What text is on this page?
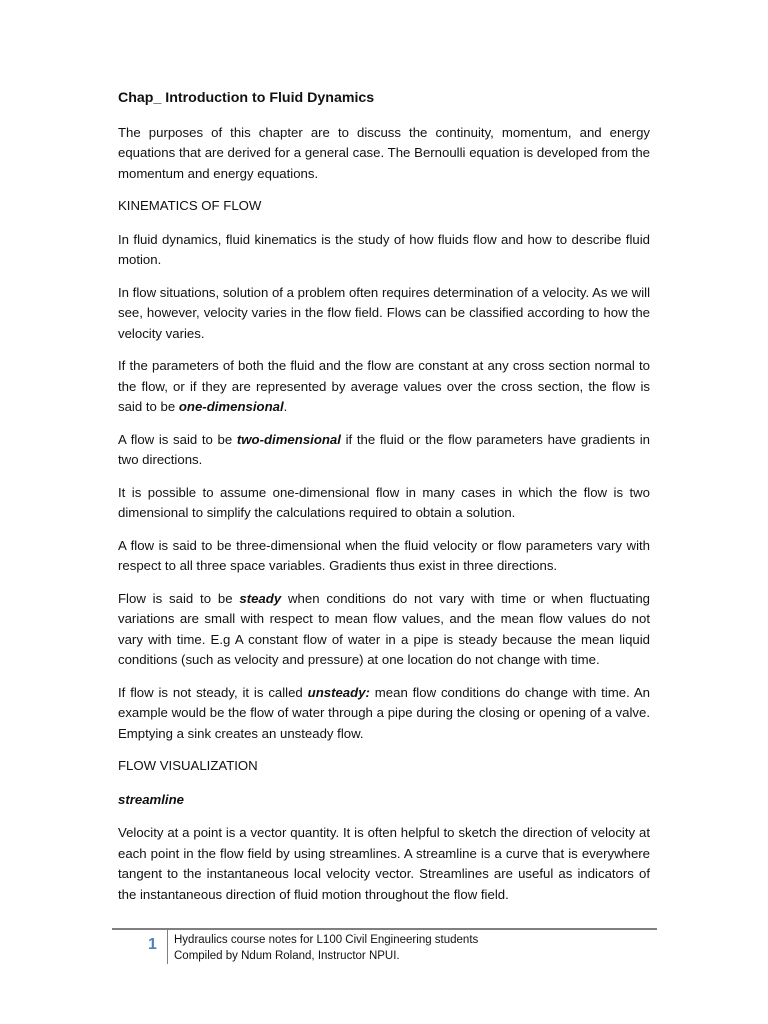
Chap_ Introduction to Fluid Dynamics

The purposes of this chapter are to discuss the continuity, momentum, and energy equations that are derived for a general case. The Bernoulli equation is developed from the momentum and energy equations.

KINEMATICS OF FLOW

In fluid dynamics, fluid kinematics is the study of how fluids flow and how to describe fluid motion.

In flow situations, solution of a problem often requires determination of a velocity. As we will see, however, velocity varies in the flow field. Flows can be classified according to how the velocity varies.

If the parameters of both the fluid and the flow are constant at any cross section normal to the flow, or if they are represented by average values over the cross section, the flow is said to be one-dimensional.

A flow is said to be two-dimensional if the fluid or the flow parameters have gradients in two directions.

It is possible to assume one-dimensional flow in many cases in which the flow is two dimensional to simplify the calculations required to obtain a solution.

A flow is said to be three-dimensional when the fluid velocity or flow parameters vary with respect to all three space variables. Gradients thus exist in three directions.

Flow is said to be steady when conditions do not vary with time or when fluctuating variations are small with respect to mean flow values, and the mean flow values do not vary with time. E.g A constant flow of water in a pipe is steady because the mean liquid conditions (such as velocity and pressure) at one location do not change with time.

If flow is not steady, it is called unsteady: mean flow conditions do change with time. An example would be the flow of water through a pipe during the closing or opening of a valve. Emptying a sink creates an unsteady flow.

FLOW VISUALIZATION

streamline

Velocity at a point is a vector quantity. It is often helpful to sketch the direction of velocity at each point in the flow field by using streamlines. A streamline is a curve that is everywhere tangent to the instantaneous local velocity vector. Streamlines are useful as indicators of the instantaneous direction of fluid motion throughout the flow field.

1 Hydraulics course notes for L100 Civil Engineering students
Compiled by Ndum Roland, Instructor NPUI.
